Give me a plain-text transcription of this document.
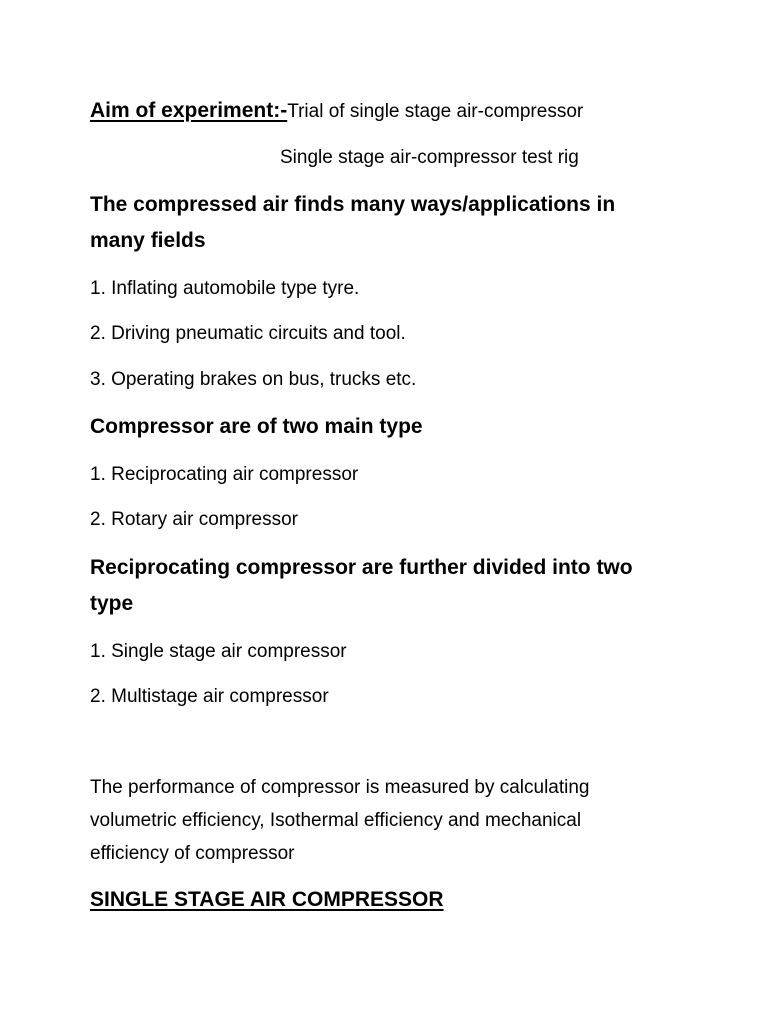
Aim of experiment:-Trial of single stage air-compressor
Single stage air-compressor test rig
The compressed air finds many ways/applications in
many fields
1. Inflating automobile type tyre.
2. Driving pneumatic circuits and tool.
3. Operating brakes on bus, trucks etc.
Compressor are of two main type
1. Reciprocating air compressor
2. Rotary air compressor
Reciprocating compressor are further divided into two
type
1. Single stage air compressor
2. Multistage air compressor
The performance of compressor is measured by calculating
volumetric efficiency, Isothermal efficiency and mechanical
efficiency of compressor
SINGLE STAGE AIR COMPRESSOR
